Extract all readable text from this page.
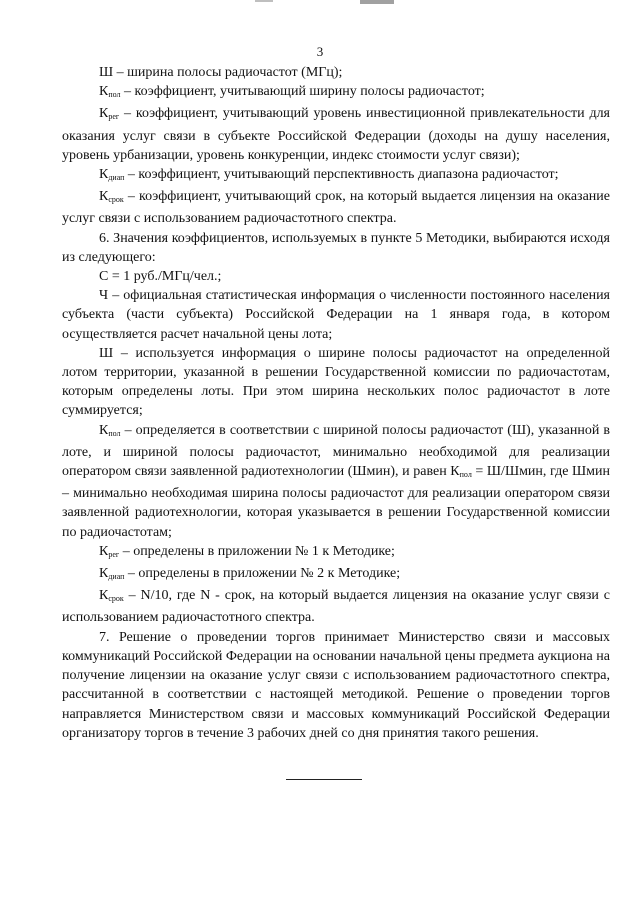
3

Ш – ширина полосы радиочастот (МГц);

$К_{пол}$ – коэффициент, учитывающий ширину полосы радиочастот;

$К_{рег}$ – коэффициент, учитывающий уровень инвестиционной привлекательности для оказания услуг связи в субъекте Российской Федерации (доходы на душу населения, уровень урбанизации, уровень конкуренции, индекс стоимости услуг связи);

$К_{диап}$ – коэффициент, учитывающий перспективность диапазона радиочастот;

$К_{срок}$ – коэффициент, учитывающий срок, на который выдается лицензия на оказание услуг связи с использованием радиочастотного спектра.

6. Значения коэффициентов, используемых в пункте 5 Методики, выбираются исходя из следующего:

С = 1 руб./МГц/чел.;

Ч – официальная статистическая информация о численности постоянного населения субъекта (части субъекта) Российской Федерации на 1 января года, в котором осуществляется расчет начальной цены лота;

Ш – используется информация о ширине полосы радиочастот на определенной лотом территории, указанной в решении Государственной комиссии по радиочастотам, которым определены лоты. При этом ширина нескольких полос радиочастот в лоте суммируется;

$К_{пол}$ – определяется в соответствии с шириной полосы радиочастот (Ш), указанной в лоте, и шириной полосы радиочастот, минимально необходимой для реализации оператором связи заявленной радиотехнологии (Шмин), и равен $К_{пол}$ = Ш/Шмин, где Шмин – минимально необходимая ширина полосы радиочастот для реализации оператором связи заявленной радиотехнологии, которая указывается в решении Государственной комиссии по радиочастотам;

$К_{рег}$ – определены в приложении № 1 к Методике;

$К_{диап}$ – определены в приложении № 2 к Методике;

$К_{срок} - N/10$, где N - срок, на который выдается лицензия на оказание услуг связи с использованием радиочастотного спектра.

7. Решение о проведении торгов принимает Министерство связи и массовых коммуникаций Российской Федерации на основании начальной цены предмета аукциона на получение лицензии на оказание услуг связи с использованием радиочастотного спектра, рассчитанной в соответствии с настоящей методикой. Решение о проведении торгов направляется Министерством связи и массовых коммуникаций Российской Федерации организатору торгов в течение 3 рабочих дней со дня принятия такого решения.
